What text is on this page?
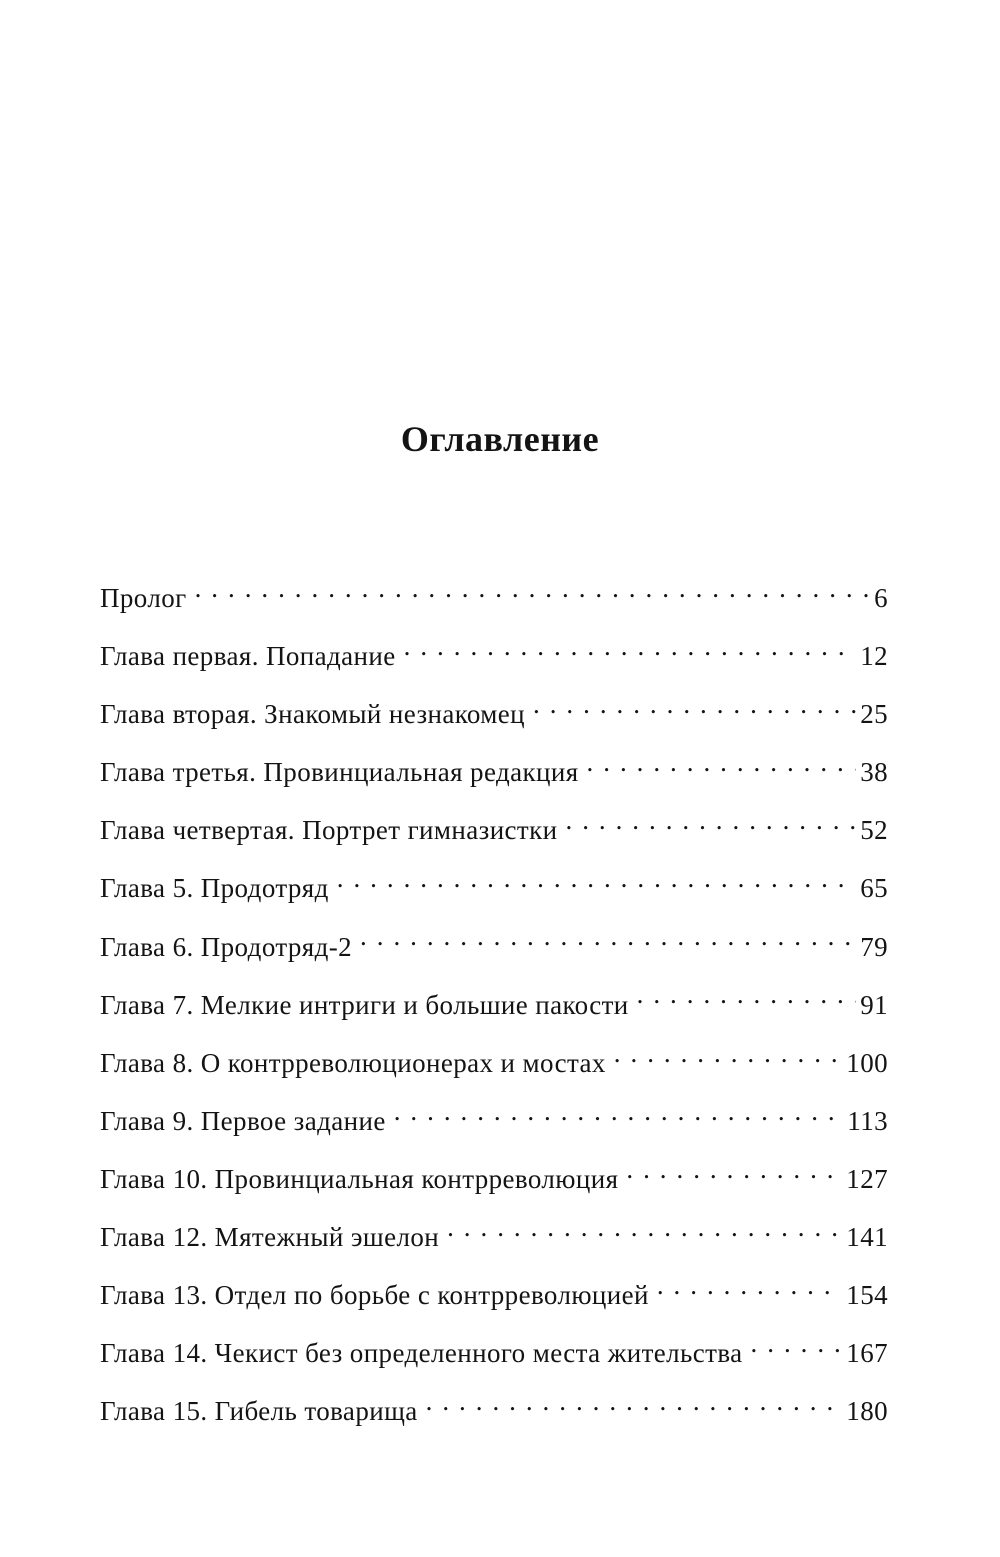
Оглавление
Пролог . . .	6
Глава первая. Попадание . . .	12
Глава вторая. Знакомый незнакомец . . .	25
Глава третья. Провинциальная редакция . . .	38
Глава четвертая. Портрет гимназистки . . .	52
Глава 5. Продотряд . . .	65
Глава 6. Продотряд-2 . . .	79
Глава 7. Мелкие интриги и большие пакости . . .	91
Глава 8. О контрреволюционерах и мостах . . .	100
Глава 9. Первое задание . . .	113
Глава 10. Провинциальная контрреволюция . . .	127
Глава 12. Мятежный эшелон . . .	141
Глава 13. Отдел по борьбе с контрреволюцией . . .	154
Глава 14. Чекист без определенного места жительства . . .	167
Глава 15. Гибель товарища . . .	180
